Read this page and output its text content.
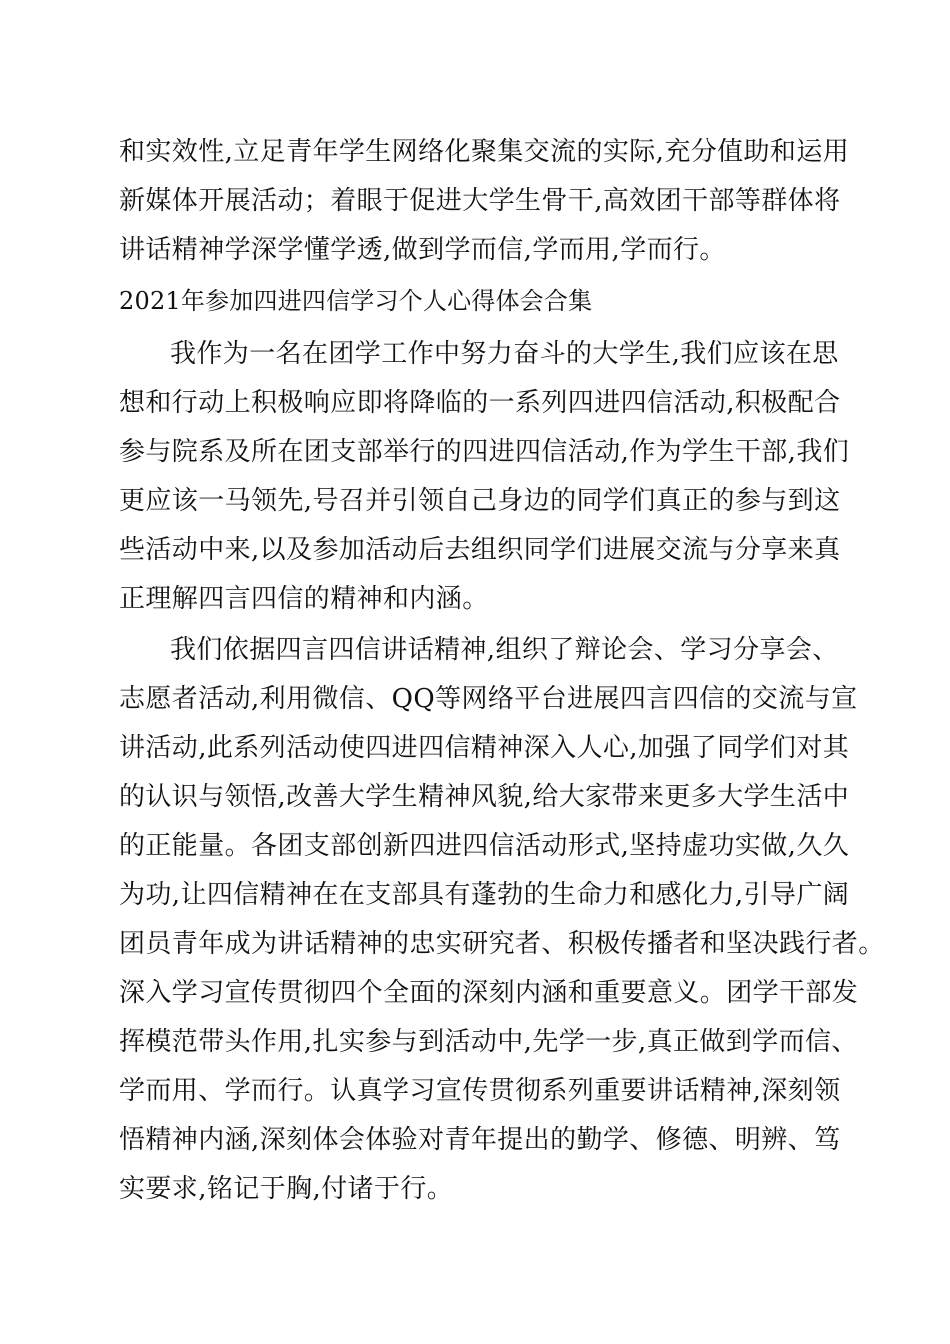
和实效性,立足青年学生网络化聚集交流的实际,充分值助和运用
新媒体开展活动；着眼于促进大学生骨干,高效团干部等群体将
讲话精神学深学懂学透,做到学而信,学而用,学而行。
2021年参加四进四信学习个人心得体会合集
我作为一名在团学工作中努力奋斗的大学生,我们应该在思
想和行动上积极响应即将降临的一系列四进四信活动,积极配合
参与院系及所在团支部举行的四进四信活动,作为学生干部,我们
更应该一马领先,号召并引领自己身边的同学们真正的参与到这
些活动中来,以及参加活动后去组织同学们进展交流与分享来真
正理解四言四信的精神和内涵。
我们依据四言四信讲话精神,组织了辩论会、学习分享会、
志愿者活动,利用微信、QQ等网络平台进展四言四信的交流与宣
讲活动,此系列活动使四进四信精神深入人心,加强了同学们对其
的认识与领悟,改善大学生精神风貌,给大家带来更多大学生活中
的正能量。各团支部创新四进四信活动形式,坚持虚功实做,久久
为功,让四信精神在在支部具有蓬勃的生命力和感化力,引导广阔
团员青年成为讲话精神的忠实研究者、积极传播者和坚决践行者。
深入学习宣传贯彻四个全面的深刻内涵和重要意义。团学干部发
挥模范带头作用,扎实参与到活动中,先学一步,真正做到学而信、
学而用、学而行。认真学习宣传贯彻系列重要讲话精神,深刻领
悟精神内涵,深刻体会体验对青年提出的勤学、修德、明辨、笃
实要求,铭记于胸,付诸于行。
